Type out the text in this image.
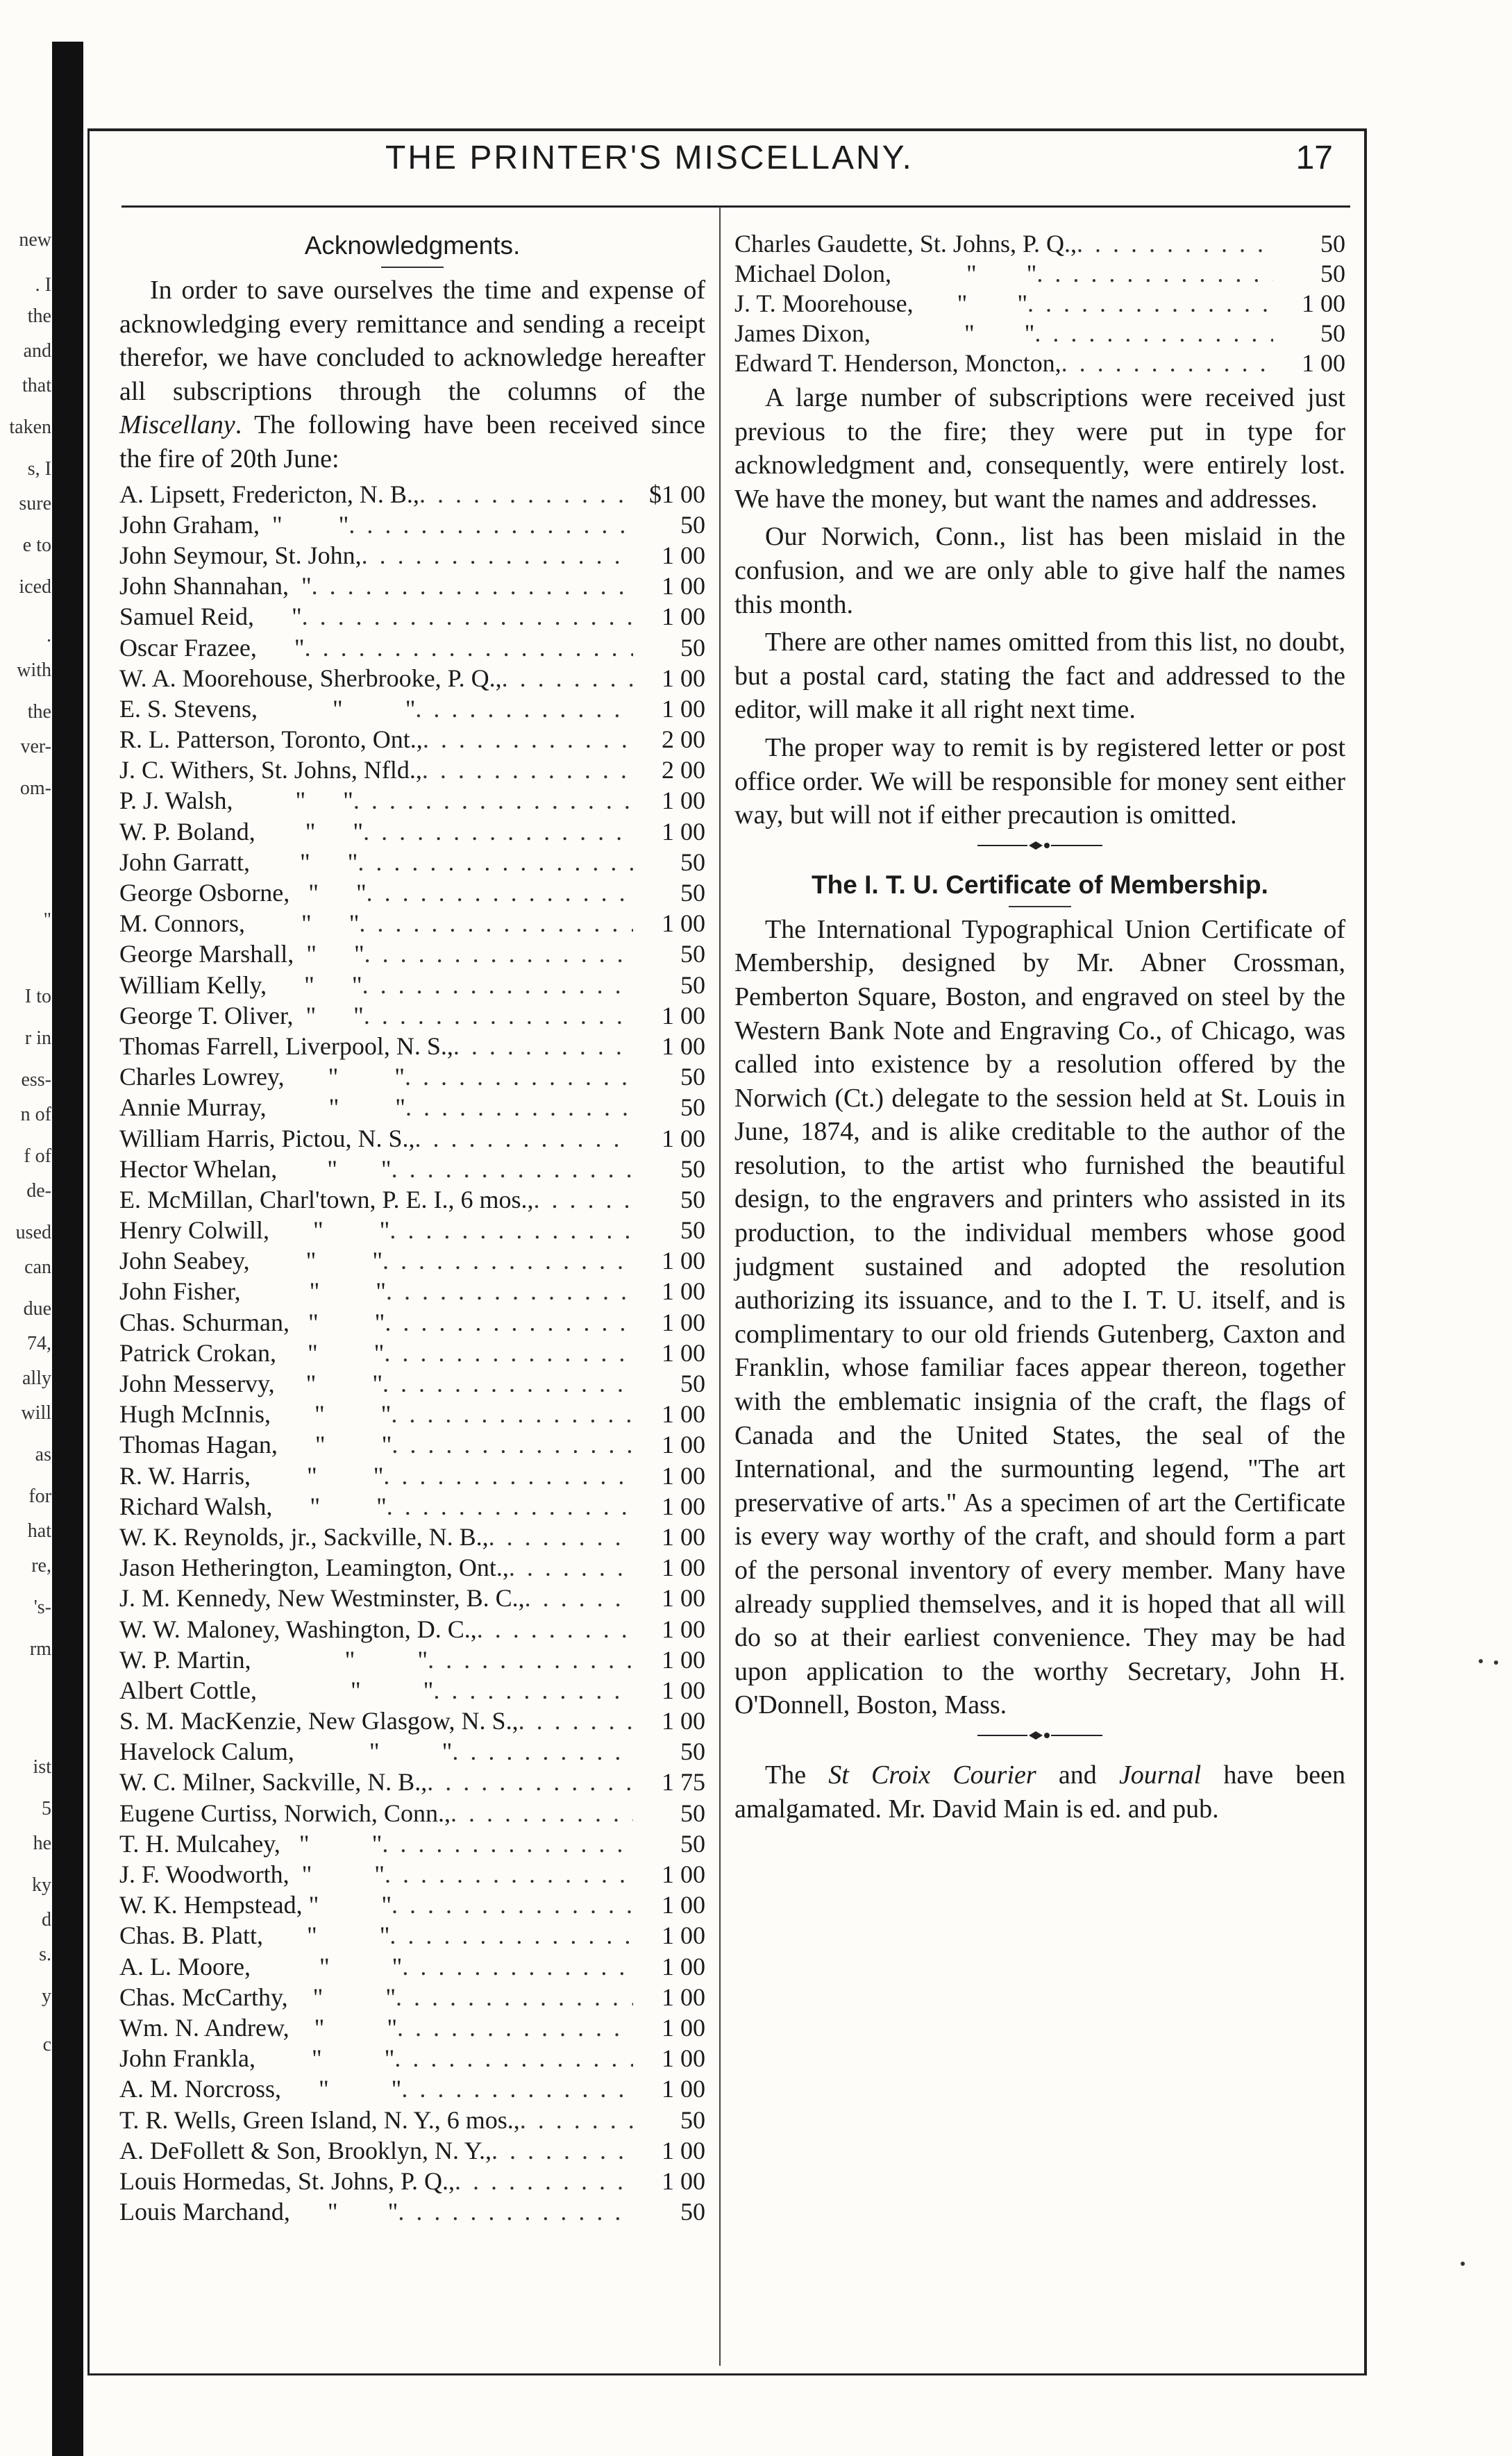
new
. I
the
and
that
taken
s, I
sure
e to
iced
.
with
the
ver-
om-
"
I to
r in
ess-
n of
f of
de-
used
can
due
74,
ally
will
as
for
hat
re,
's-
rm
ist
5
he
ky
d
s.
y
c
THE PRINTER'S MISCELLANY.	17
Acknowledgments.

In order to save ourselves the time and expense of acknowledging every remittance and sending a receipt therefor, we have concluded to acknowledge hereafter all subscriptions through the columns of the Miscellany. The following have been received since the fire of 20th June:

A. Lipsett, Fredericton, N. B., . . .	$1 00
John Graham,  "         " . . .	50
John Seymour, St. John, . . .	1 00
John Shannahan,  " . . .	1 00
Samuel Reid,      " . . .	1 00
Oscar Frazee,      " . . .	50
W. A. Moorehouse, Sherbrooke, P. Q., . . .	1 00
E. S. Stevens,            "          " . . .	1 00
R. L. Patterson, Toronto, Ont., . . .	2 00
J. C. Withers, St. Johns, Nfld., . . .	2 00
P. J. Walsh,          "      " . . .	1 00
W. P. Boland,        "      " . . .	1 00
John Garratt,        "      " . . .	50
George Osborne,   "      " . . .	50
M. Connors,         "      " . . .	1 00
George Marshall,  "      " . . .	50
William Kelly,      "      " . . .	50
George T. Oliver,  "      " . . .	1 00
Thomas Farrell, Liverpool, N. S., . . .	1 00
Charles Lowrey,       "         " . . .	50
Annie Murray,          "         " . . .	50
William Harris, Pictou, N. S., . . .	1 00
Hector Whelan,        "       " . . .	50
E. McMillan, Charl'town, P. E. I., 6 mos., . . .	50
Henry Colwill,       "         " . . .	50
John Seabey,         "         " . . .	1 00
John Fisher,           "         " . . .	1 00
Chas. Schurman,   "         " . . .	1 00
Patrick Crokan,     "         " . . .	1 00
John Messervy,     "         " . . .	50
Hugh McInnis,       "         " . . .	1 00
Thomas Hagan,      "         " . . .	1 00
R. W. Harris,         "         " . . .	1 00
Richard Walsh,      "         " . . .	1 00
W. K. Reynolds, jr., Sackville, N. B., . . .	1 00
Jason Hetherington, Leamington, Ont., . . .	1 00
J. M. Kennedy, New Westminster, B. C., . . .	1 00
W. W. Maloney, Washington, D. C., . . .	1 00
W. P. Martin,               "          " . . .	1 00
Albert Cottle,               "          " . . .	1 00
S. M. MacKenzie, New Glasgow, N. S., . . .	1 00
Havelock Calum,            "          " . . .	50
W. C. Milner, Sackville, N. B., . . .	1 75
Eugene Curtiss, Norwich, Conn., . . .	50
T. H. Mulcahey,   "          " . . .	50
J. F. Woodworth,  "          " . . .	1 00
W. K. Hempstead, "          " . . .	1 00
Chas. B. Platt,       "          " . . .	1 00
A. L. Moore,           "          " . . .	1 00
Chas. McCarthy,    "          " . . .	1 00
Wm. N. Andrew,    "          " . . .	1 00
John Frankla,         "          " . . .	1 00
A. M. Norcross,      "          " . . .	1 00
T. R. Wells, Green Island, N. Y., 6 mos., . . .	50
A. DeFollett & Son, Brooklyn, N. Y., . . .	1 00
Louis Hormedas, St. Johns, P. Q., . . .	1 00
Louis Marchand,      "        " . . .	50
Charles Gaudette, St. Johns, P. Q., . . .	50
Michael Dolon,            "        " . . .	50
J. T. Moorehouse,       "        " . . .	1 00
James Dixon,               "        " . . .	50
Edward T. Henderson, Moncton, . . .	1 00

A large number of subscriptions were received just previous to the fire; they were put in type for acknowledgment and, consequently, were entirely lost. We have the money, but want the names and addresses.

Our Norwich, Conn., list has been mislaid in the confusion, and we are only able to give half the names this month.

There are other names omitted from this list, no doubt, but a postal card, stating the fact and addressed to the editor, will make it all right next time.

The proper way to remit is by registered letter or post office order. We will be responsible for money sent either way, but will not if either precaution is omitted.

The I. T. U. Certificate of Membership.

The International Typographical Union Certificate of Membership, designed by Mr. Abner Crossman, Pemberton Square, Boston, and engraved on steel by the Western Bank Note and Engraving Co., of Chicago, was called into existence by a resolution offered by the Norwich (Ct.) delegate to the session held at St. Louis in June, 1874, and is alike creditable to the author of the resolution, to the artist who furnished the beautiful design, to the engravers and printers who assisted in its production, to the individual members whose good judgment sustained and adopted the resolution authorizing its issuance, and to the I. T. U. itself, and is complimentary to our old friends Gutenberg, Caxton and Franklin, whose familiar faces appear thereon, together with the emblematic insignia of the craft, the flags of Canada and the United States, the seal of the International, and the surmounting legend, "The art preservative of arts." As a specimen of art the Certificate is every way worthy of the craft, and should form a part of the personal inventory of every member. Many have already supplied themselves, and it is hoped that all will do so at their earliest convenience. They may be had upon application to the worthy Secretary, John H. O'Donnell, Boston, Mass.

The St Croix Courier and Journal have been amalgamated. Mr. David Main is ed. and pub.
